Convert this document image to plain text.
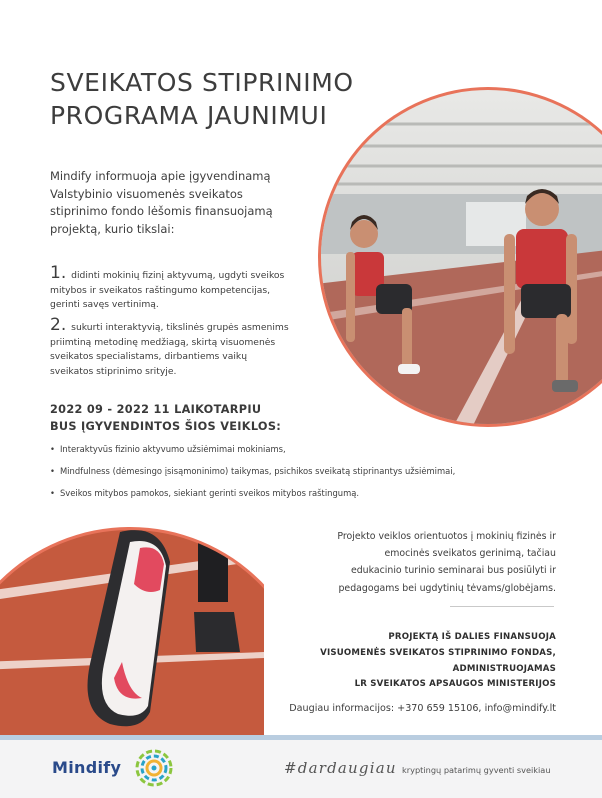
SVEIKATOS STIPRINIMO
PROGRAMA JAUNIMUI
Mindify informuoja apie įgyvendinamą
Valstybinio visuomenės sveikatos
stiprinimo fondo lėšomis finansuojamą
projektą, kurio tikslai:
1. didinti mokinių fizinį aktyvumą, ugdyti sveikos
mitybos ir sveikatos raštingumo kompetencijas,
gerinti savęs vertinimą.
2. sukurti interaktyvią, tikslinės grupės asmenims
priimtiną metodinę medžiagą, skirtą visuomenės
sveikatos specialistams, dirbantiems vaikų
sveikatos stiprinimo srityje.
2022 09 - 2022 11 LAIKOTARPIU
BUS ĮGYVENDINTOS ŠIOS VEIKLOS:
• Interaktyvūs fizinio aktyvumo užsiėmimai mokiniams,
• Mindfulness (dėmesingo įsisąmoninimo) taikymas, psichikos sveikatą stiprinantys užsiėmimai,
• Sveikos mitybos pamokos, siekiant gerinti sveikos mitybos raštingumą.
Projekto veiklos orientuotos į mokinių fizinės ir
emocinės sveikatos gerinimą, tačiau
edukacinio turinio seminarai bus posiūlyti ir
pedagogams bei ugdytinių tėvams/globėjams.
PROJEKTĄ IŠ DALIES FINANSUOJA
VISUOMENĖS SVEIKATOS STIPRINIMO FONDAS,
ADMINISTRUOJAMAS
LR SVEIKATOS APSAUGOS MINISTERIJOS
Daugiau informacijos: +370 659 15106, info@mindify.lt
Mindify	#dardaugiau kryptingų patarimų gyventi sveikiau
